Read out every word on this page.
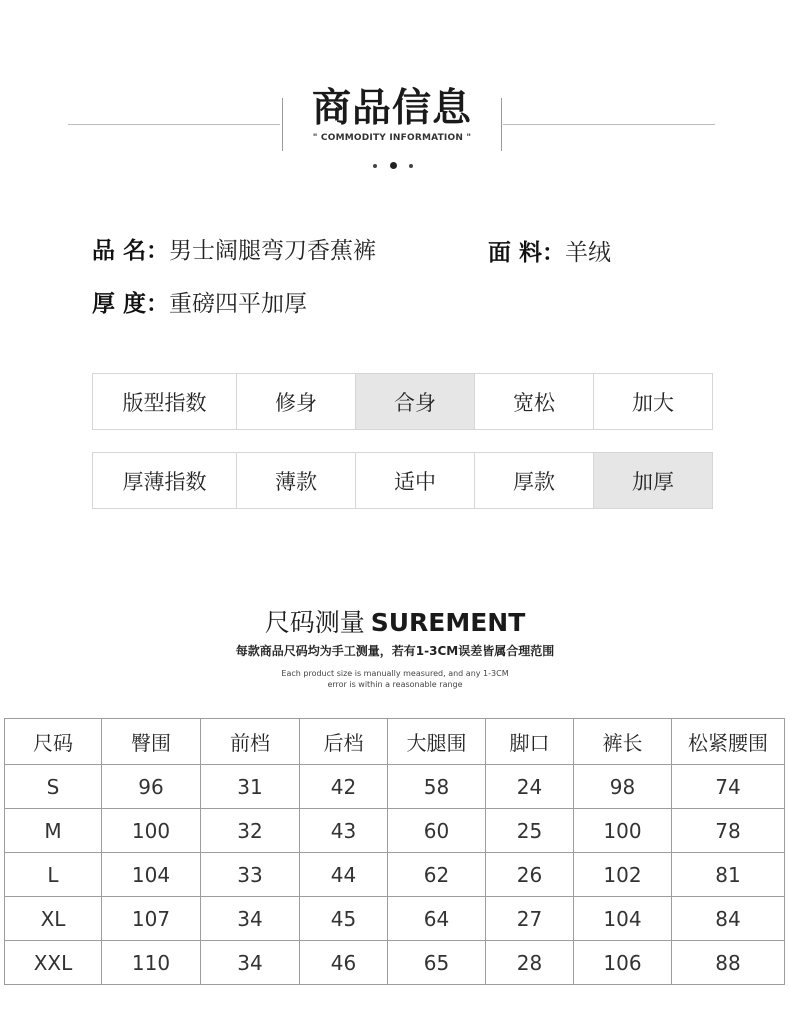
商品信息
" COMMODITY INFORMATION "
品 名：男士阔腿弯刀香蕉裤	面 料：羊绒
厚 度：重磅四平加厚
版型指数	修身	合身	宽松	加大
厚薄指数	薄款	适中	厚款	加厚
尺码测量 SUREMENT
每款商品尺码均为手工测量，若有1-3CM误差皆属合理范围
Each product size is manually measured, and any 1-3CM
error is within a reasonable range
尺码	臀围	前档	后档	大腿围	脚口	裤长	松紧腰围
S	96	31	42	58	24	98	74
M	100	32	43	60	25	100	78
L	104	33	44	62	26	102	81
XL	107	34	45	64	27	104	84
XXL	110	34	46	65	28	106	88
